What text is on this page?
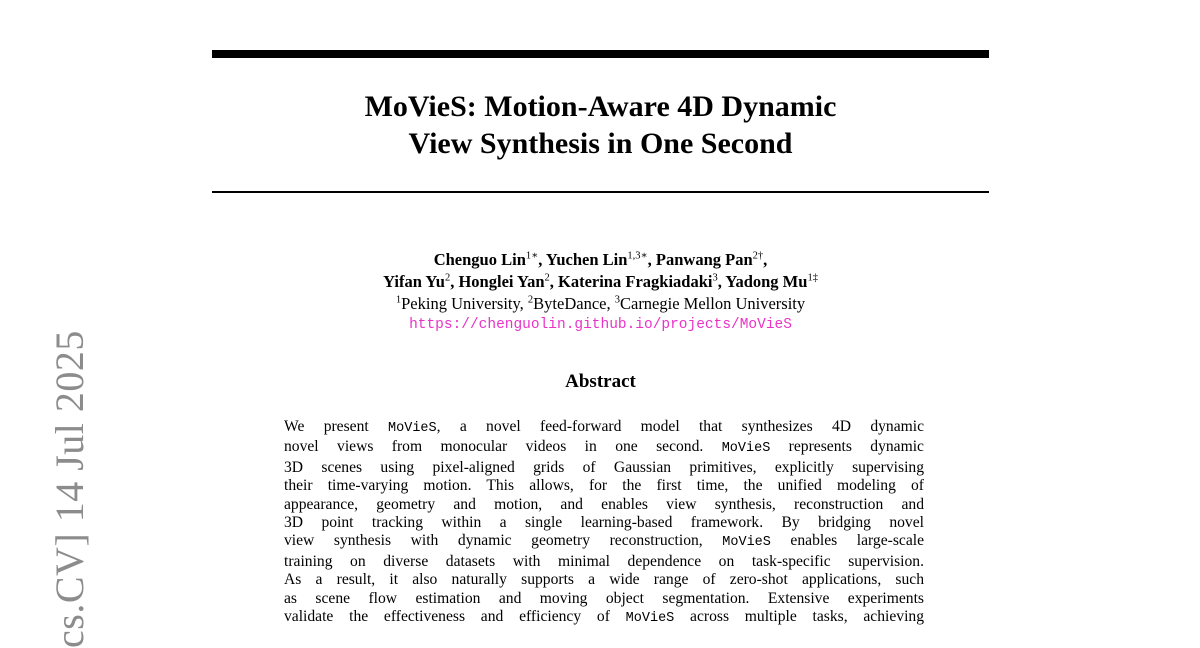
cs.CV] 14 Jul 2025
MoVieS: Motion-Aware 4D Dynamic
View Synthesis in One Second
Chenguo Lin$^{1∗}$, Yuchen Lin$^{1,3∗}$, Panwang Pan$^{2\dagger}$,
Yifan Yu$^2$, Honglei Yan$^2$, Katerina Fragkiadaki$^3$, Yadong $Mu^{1\ddagger}$
$^1$Peking University, $^2$ByteDance, $^3$Carnegie Mellon University
https://chenguolin.github.io/projects/MoVieS
Abstract
We present MoVieS, a novel feed-forward model that synthesizes 4D dynamic
novel views from monocular videos in one second. MoVieS represents dynamic
3D scenes using pixel-aligned grids of Gaussian primitives, explicitly supervising
their time-varying motion. This allows, for the first time, the unified modeling of
appearance, geometry and motion, and enables view synthesis, reconstruction and
3D point tracking within a single learning-based framework. By bridging novel
view synthesis with dynamic geometry reconstruction, MoVieS enables large-scale
training on diverse datasets with minimal dependence on task-specific supervision.
As a result, it also naturally supports a wide range of zero-shot applications, such
as scene flow estimation and moving object segmentation. Extensive experiments
validate the effectiveness and efficiency of MoVieS across multiple tasks, achieving
